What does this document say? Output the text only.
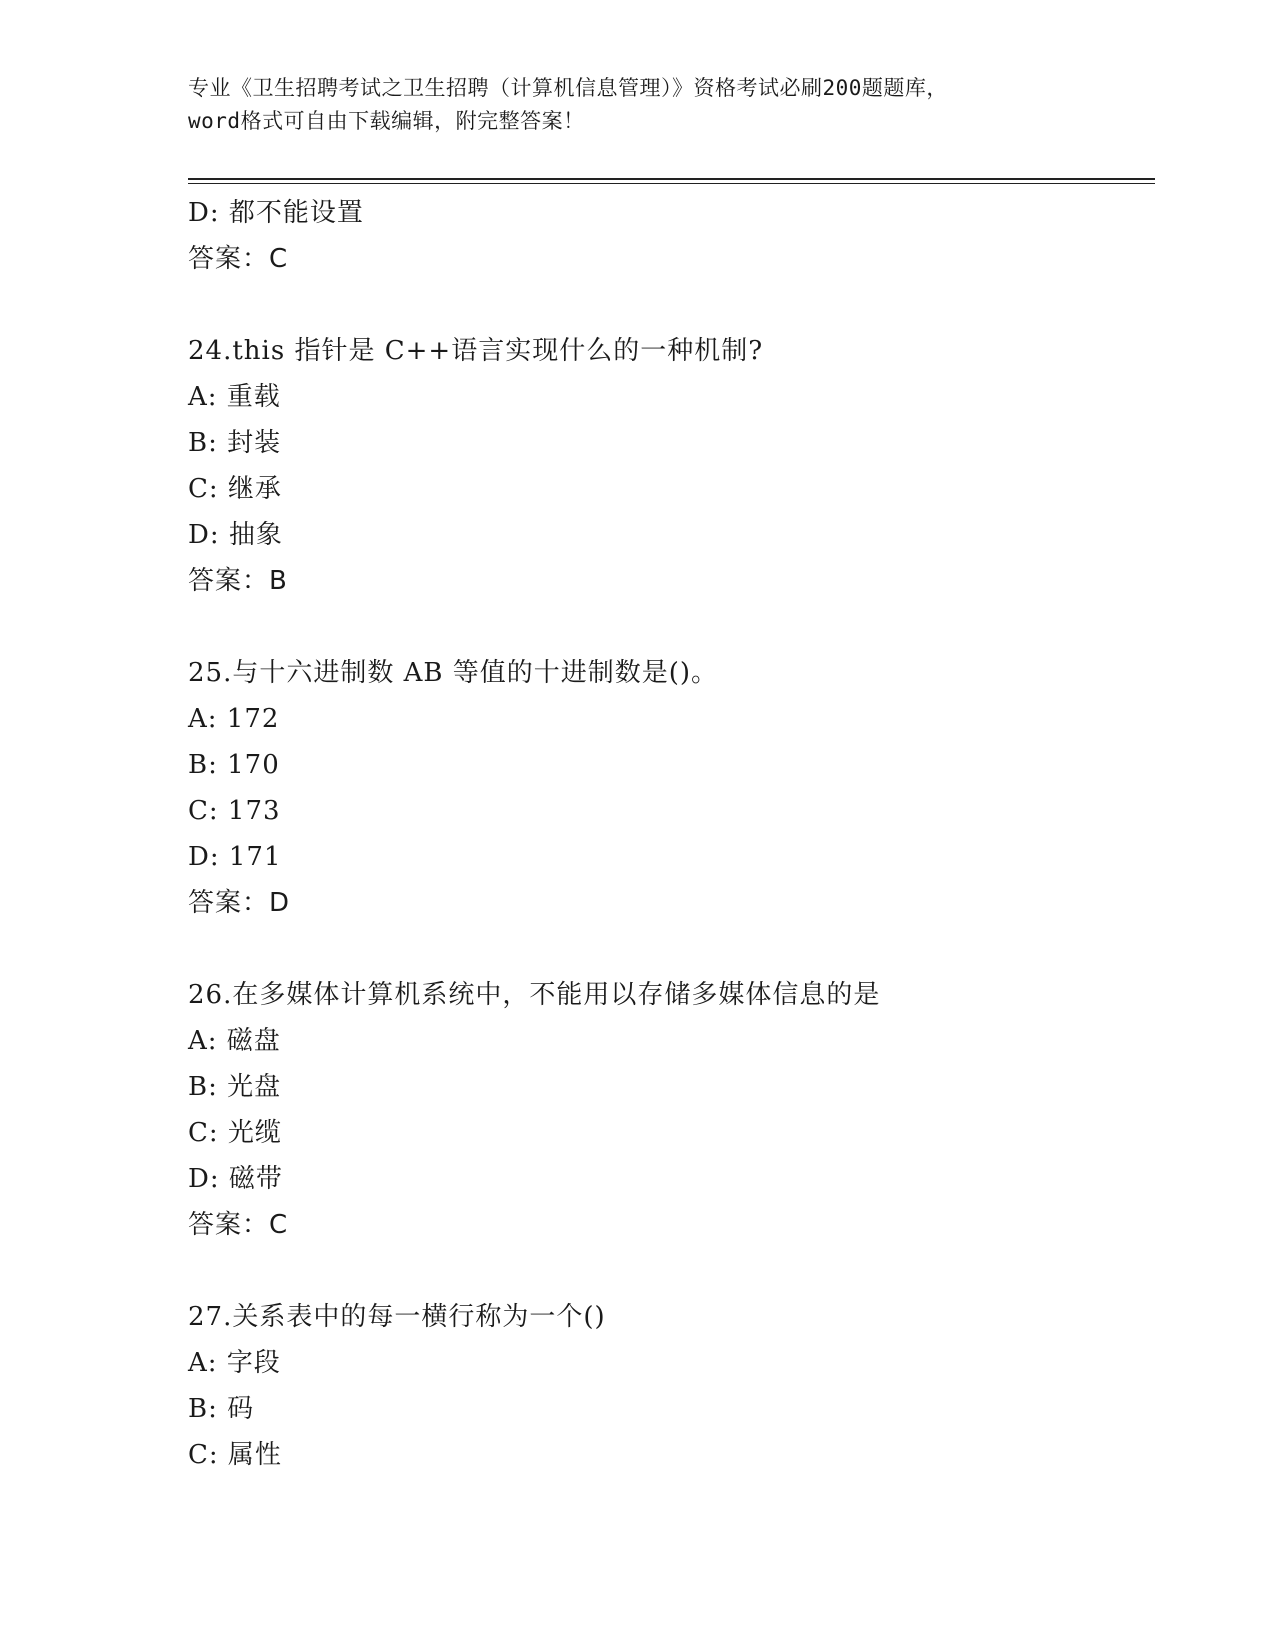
专业《卫生招聘考试之卫生招聘（计算机信息管理）》资格考试必刷200题题库，
word格式可自由下载编辑，附完整答案！
D: 都不能设置
答案：C
24.this 指针是 C++语言实现什么的一种机制?
A: 重载
B: 封装
C: 继承
D: 抽象
答案：B
25.与十六进制数 AB 等值的十进制数是()。
A: 172
B: 170
C: 173
D: 171
答案：D
26.在多媒体计算机系统中，不能用以存储多媒体信息的是
A: 磁盘
B: 光盘
C: 光缆
D: 磁带
答案：C
27.关系表中的每一横行称为一个()
A: 字段
B: 码
C: 属性
